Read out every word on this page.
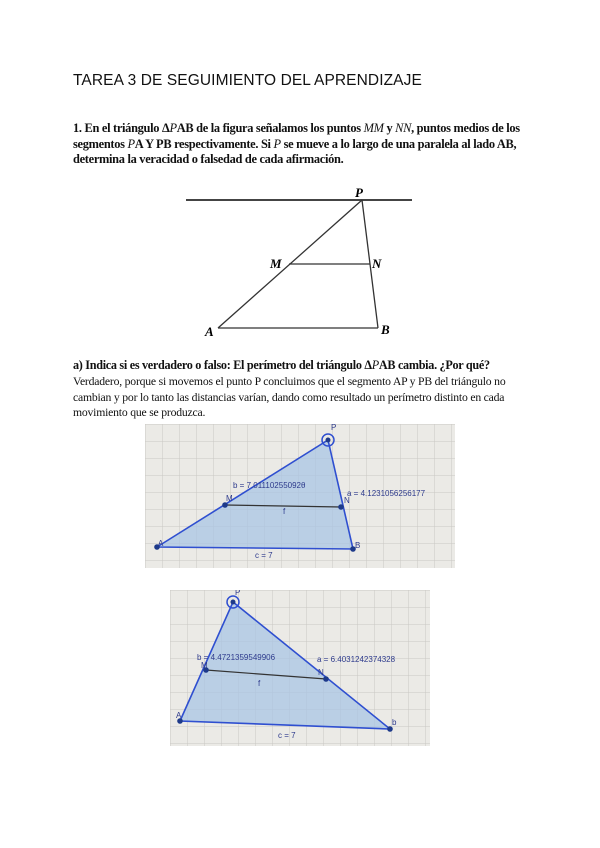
TAREA 3 DE SEGUIMIENTO DEL APRENDIZAJE
1. En el triángulo ΔPAB de la figura señalamos los puntos MM y NN, puntos medios de los segmentos PA Y PB respectivamente. Si P se mueve a lo largo de una paralela al lado AB, determina la veracidad o falsedad de cada afirmación.
P
M	N
A	B
a) Indica si es verdadero o falso: El perímetro del triángulo ΔPAB cambia. ¿Por qué?
Verdadero, porque si movemos el punto P concluimos que el segmento AP y PB del triángulo no cambian y por lo tanto las distancias varían, dando como resultado un perímetro distinto en cada movimiento que se produzca.
P
M	N
A	B
b = 7.01110255092θ
a = 4.1231056256177
f
c = 7
P
M
N
A
b
b = 4.4721359549906	a = 6.4031242374328
f
c = 7
